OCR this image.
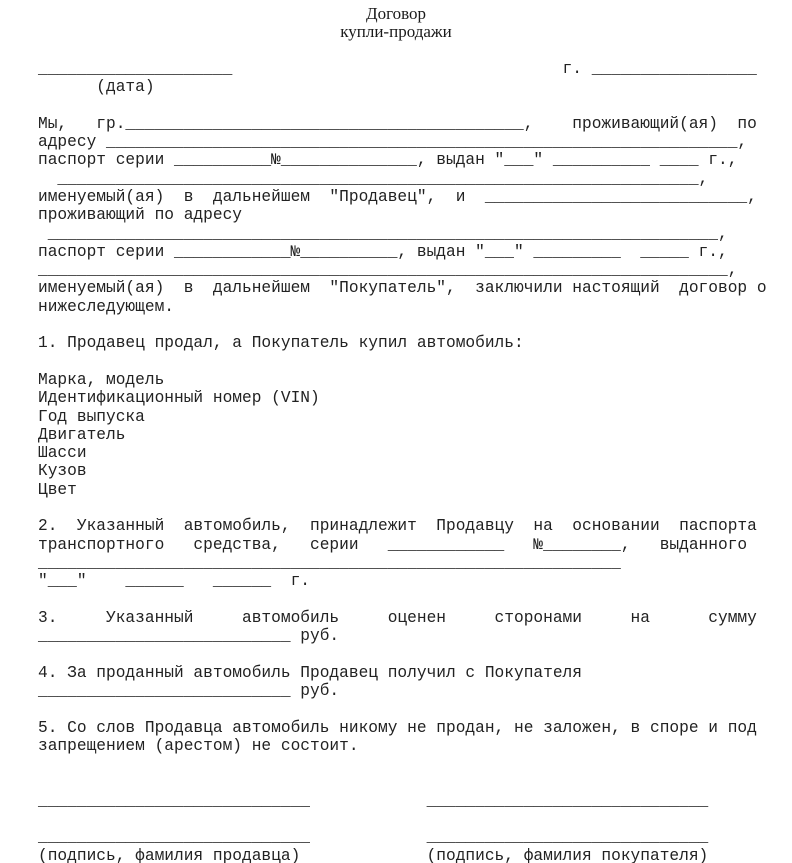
Договор
купли-продажи
____________________                                  г. _________________
(дата)
Мы,   гр._________________________________________,    проживающий(ая)  по
адресу _________________________________________________________________,
паспорт серии __________№______________, выдан "___" __________ ____ г.,
__________________________________________________________________,
именуемый(ая)  в  дальнейшем  "Продавец",  и  ___________________________,
проживающий по адресу
_____________________________________________________________________,
паспорт серии ____________№__________, выдан "___" _________  _____ г.,
_______________________________________________________________________,
именуемый(ая)  в  дальнейшем  "Покупатель",  заключили настоящий  договор о
нижеследующем.
1. Продавец продал, а Покупатель купил автомобиль:
Марка, модель
Идентификационный номер (VIN)
Год выпуска
Двигатель
Шасси
Кузов
Цвет
2.  Указанный  автомобиль,  принадлежит  Продавцу  на  основании  паспорта
транспортного   средства,   серии   ____________   №________,   выданного
____________________________________________________________
"___"    ______   ______  г.
3.     Указанный     автомобиль     оценен     сторонами     на      сумму
__________________________ руб.
4. За проданный автомобиль Продавец получил с Покупателя
__________________________ руб.
5. Со слов Продавца автомобиль никому не продан, не заложен, в споре и под
запрещением (арестом) не состоит.
____________________________            _____________________________
____________________________            _____________________________
(подпись, фамилия продавца)             (подпись, фамилия покупателя)
